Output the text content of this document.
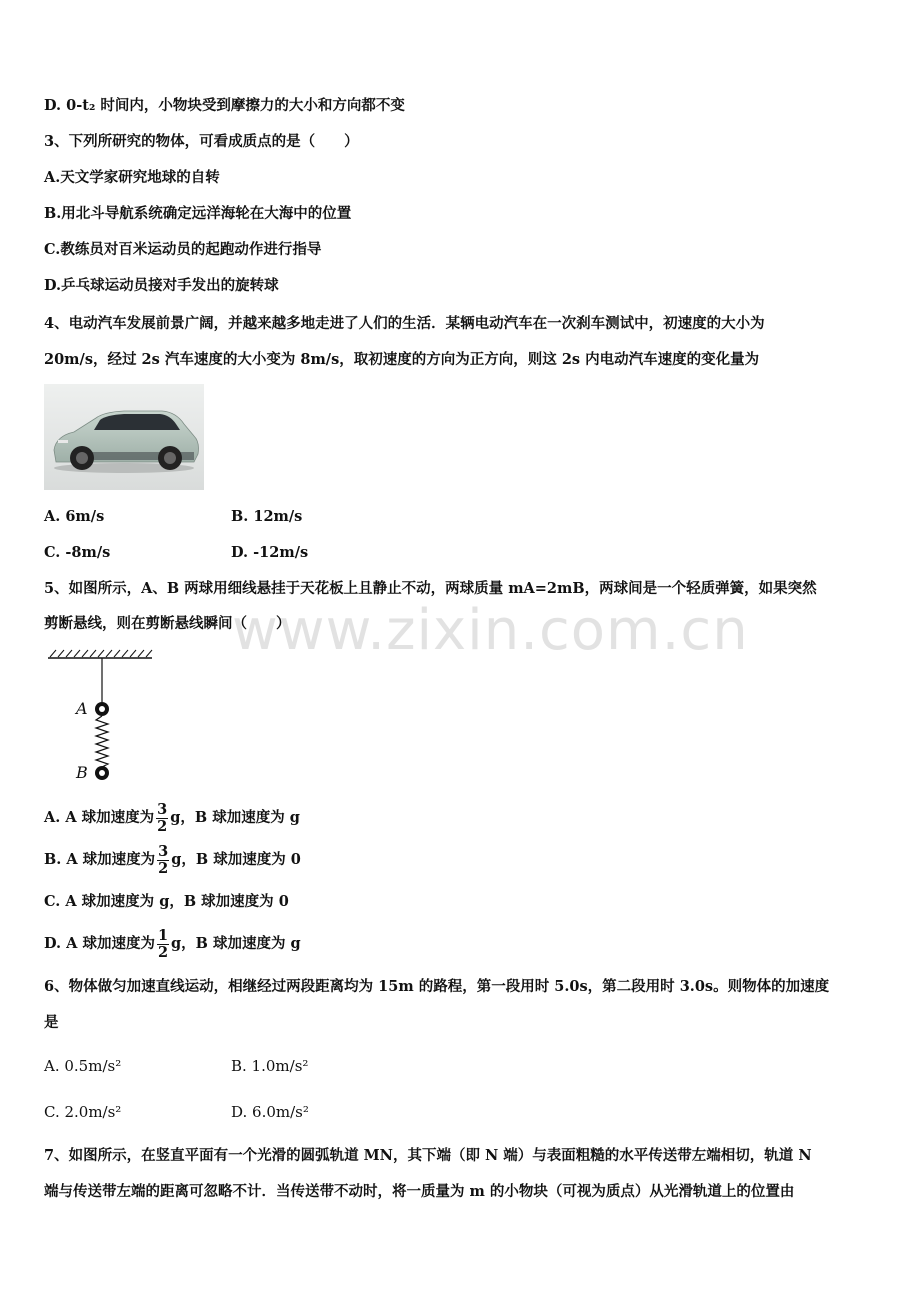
D. 0-t₂ 时间内，小物块受到摩擦力的大小和方向都不变
3、下列所研究的物体，可看成质点的是（　　）
A.天文学家研究地球的自转
B.用北斗导航系统确定远洋海轮在大海中的位置
C.教练员对百米运动员的起跑动作进行指导
D.乒乓球运动员接对手发出的旋转球
4、电动汽车发展前景广阔，并越来越多地走进了人们的生活．某辆电动汽车在一次刹车测试中，初速度的大小为
20m/s，经过 2s 汽车速度的大小变为 8m/s，取初速度的方向为正方向，则这 2s 内电动汽车速度的变化量为
A. 6m/s	B. 12m/s
C. -8m/s	D. -12m/s
5、如图所示，A、B 两球用细线悬挂于天花板上且静止不动，两球质量 mA=2mB，两球间是一个轻质弹簧，如果突然
剪断悬线，则在剪断悬线瞬间（　　）
A
B
A. A 球加速度为 $\frac{3}{2}$ g，B 球加速度为 g
B. A 球加速度为 $\frac{3}{2}$ g，B 球加速度为 0
C. A 球加速度为 g，B 球加速度为 0
D. A 球加速度为 $\frac{1}{2}$ g，B 球加速度为 g
6、物体做匀加速直线运动，相继经过两段距离均为 15m 的路程，第一段用时 5.0s，第二段用时 3.0s。则物体的加速度
是
A. 0.5m/s²	B. 1.0m/s²
C. 2.0m/s²	D. 6.0m/s²
7、如图所示，在竖直平面有一个光滑的圆弧轨道 MN，其下端（即 N 端）与表面粗糙的水平传送带左端相切，轨道 N
端与传送带左端的距离可忽略不计．当传送带不动时，将一质量为 m 的小物块（可视为质点）从光滑轨道上的位置由
www.zixin.com.cn
